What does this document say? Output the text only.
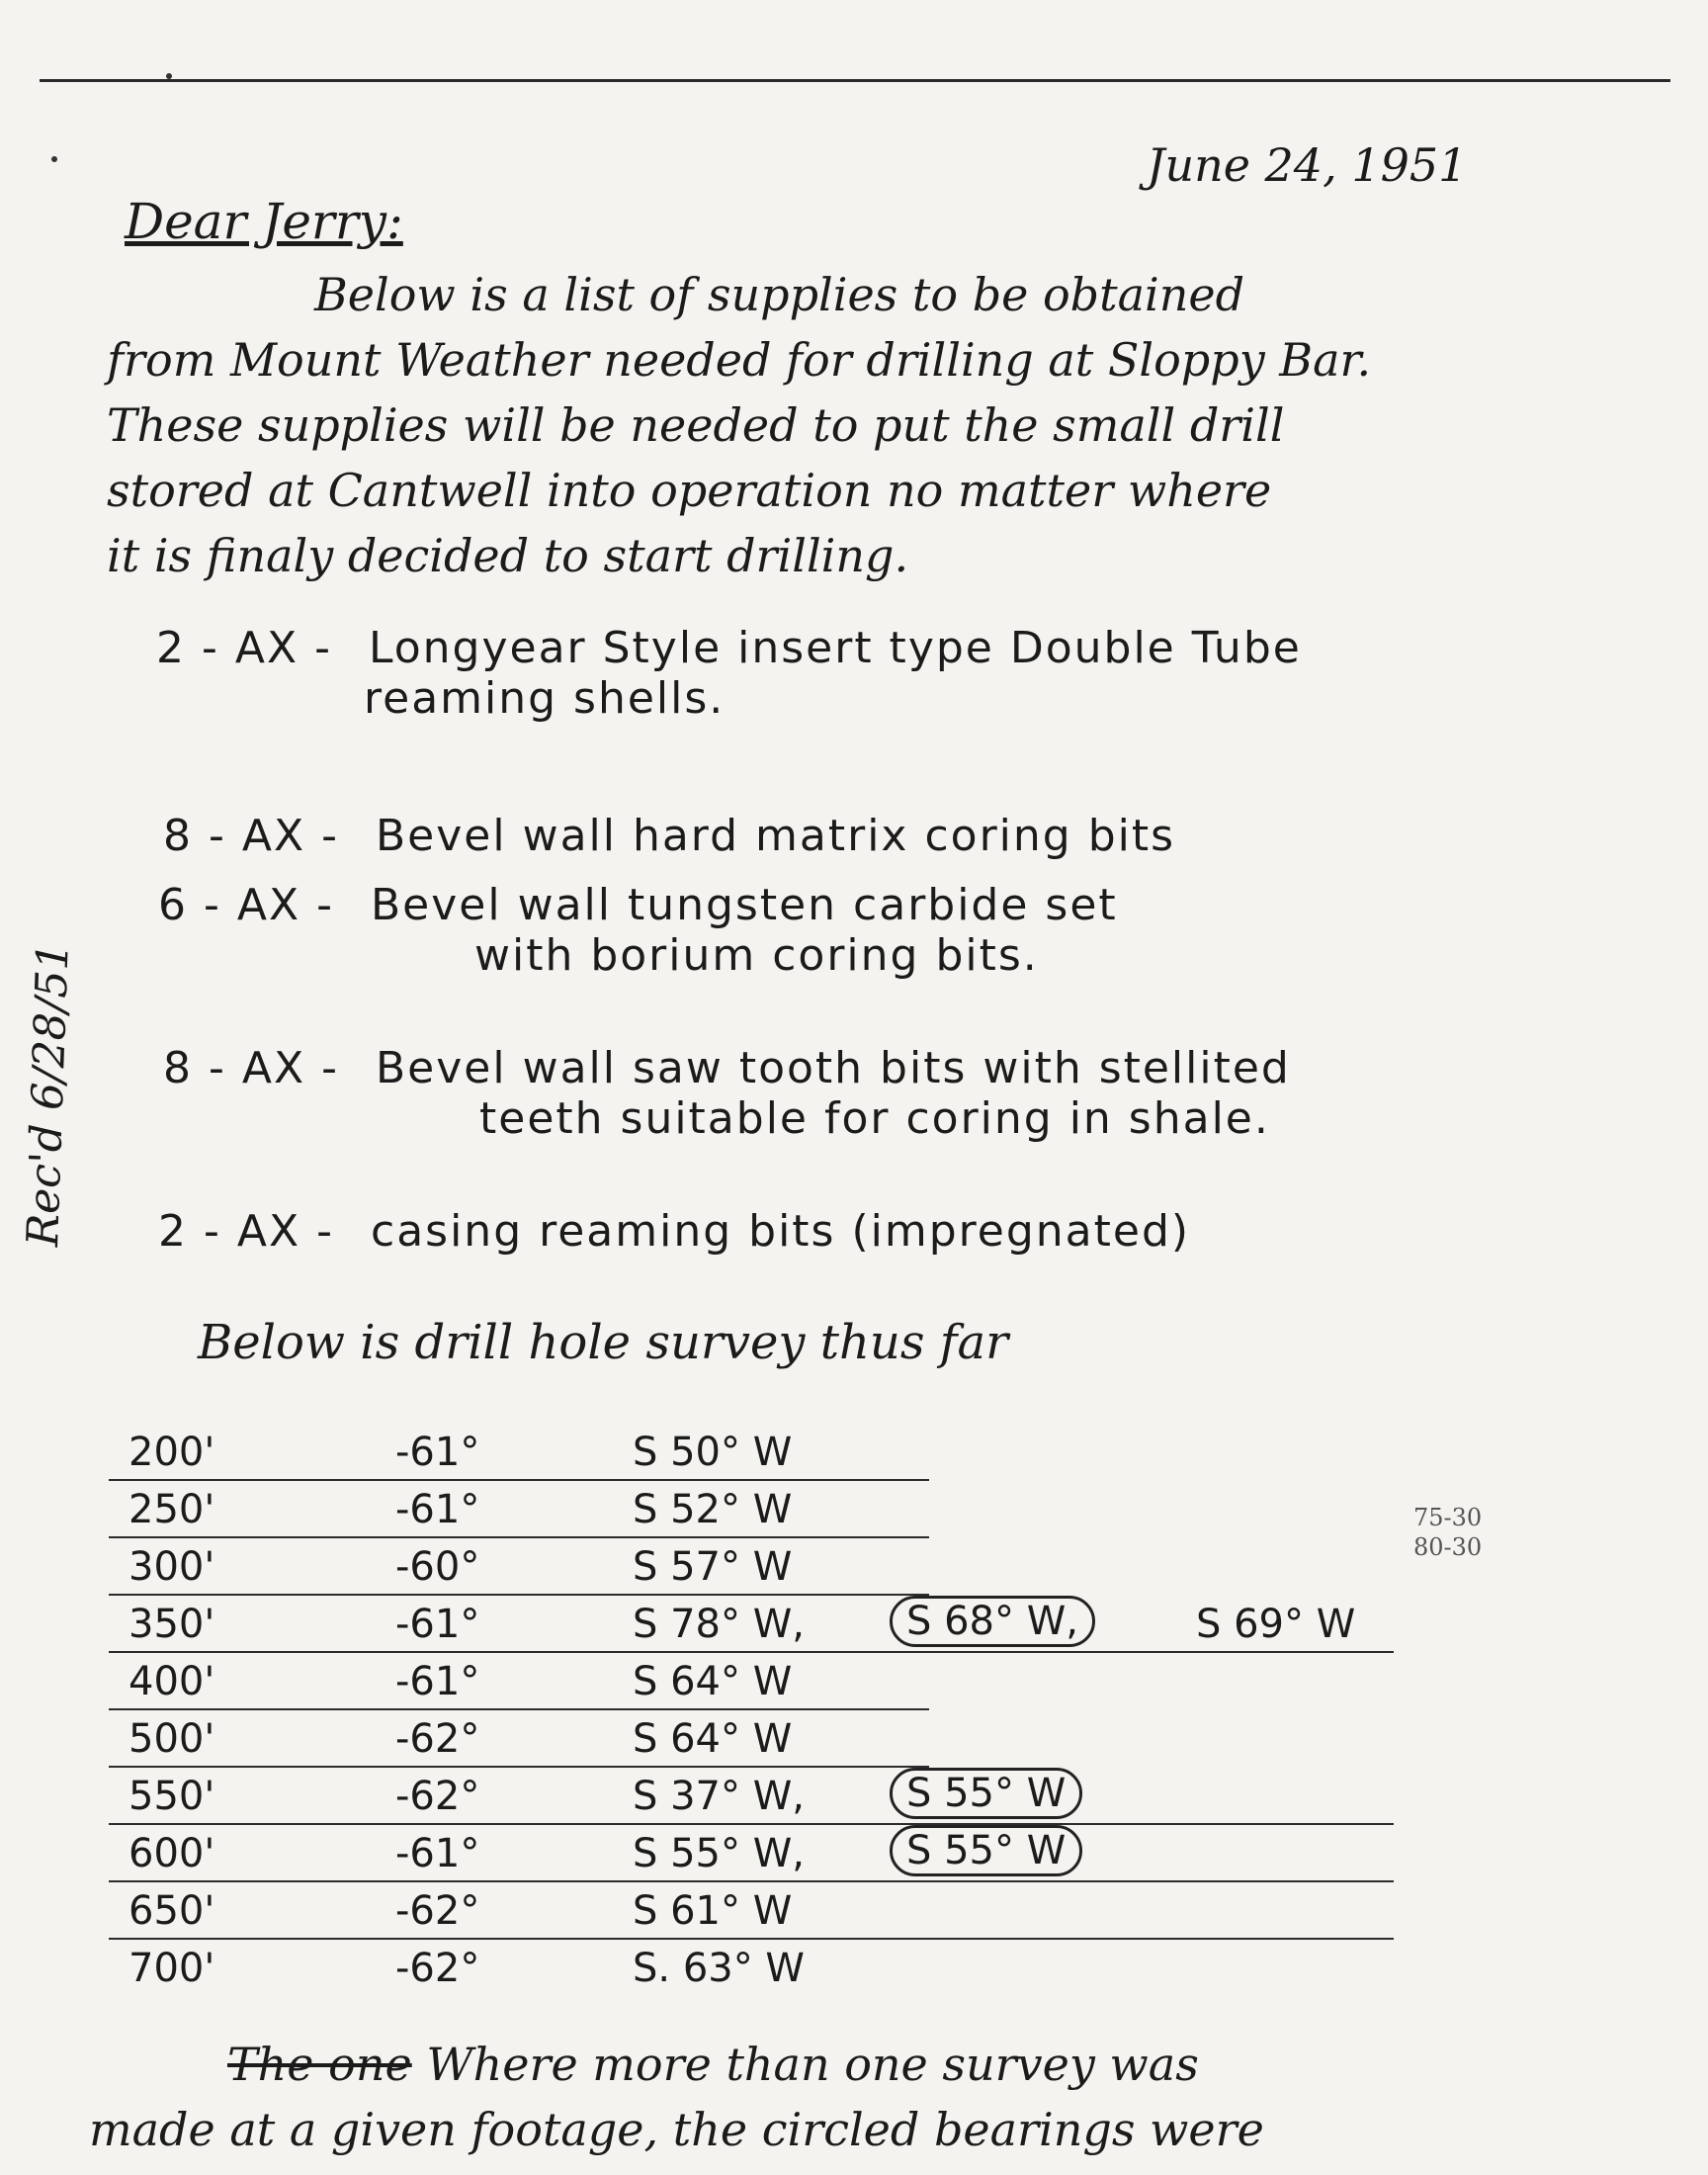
June 24, 1951
Dear Jerry:
Below is a list of supplies to be obtained
from Mount Weather needed for drilling at Sloppy Bar.
These supplies will be needed to put the small drill
stored at Cantwell into operation no matter where
it is finaly decided to start drilling.
2 - AX - Longyear Style insert type Double Tube
reaming shells.
8 - AX - Bevel wall hard matrix coring bits
6 - AX - Bevel wall tungsten carbide set
with borium coring bits.
8 - AX - Bevel wall saw tooth bits with stellited
teeth suitable for coring in shale.
2 - AX - casing reaming bits (impregnated)
Below is drill hole survey thus far
200'	-61°	S 50° W
250'	-61°	S 52° W
300'	-60°	S 57° W
350'	-61°	S 78° W,	S 68° W,	S 69° W
400'	-61°	S 64° W
500'	-62°	S 64° W
550'	-62°	S 37° W,	S 55° W
600'	-61°	S 55° W,	S 55° W
650'	-62°	S 61° W
700'	-62°	S. 63° W
Rec'd 6/28/51
75-30
80-30
The one Where more than one survey was
made at a given footage, the circled bearings were
